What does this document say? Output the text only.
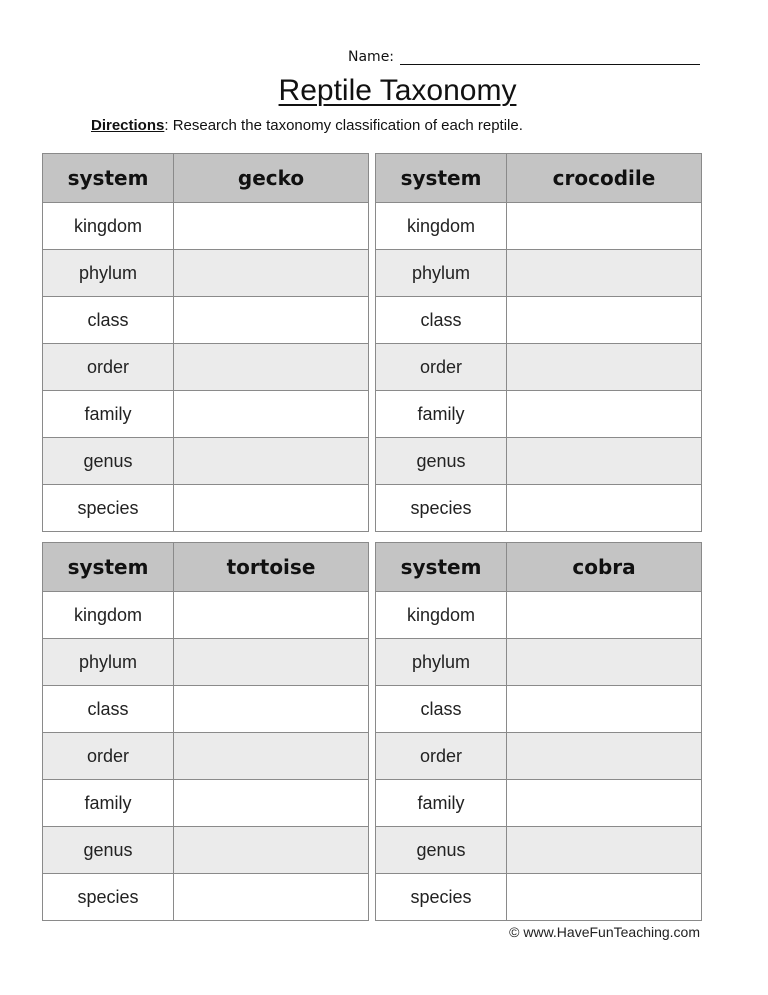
Name:
Reptile Taxonomy
Directions: Research the taxonomy classification of each reptile.
system	gecko
kingdom	
phylum	
class	
order	
family	
genus	
species	
system	crocodile
kingdom	
phylum	
class	
order	
family	
genus	
species	
system	tortoise
kingdom	
phylum	
class	
order	
family	
genus	
species	
system	cobra
kingdom	
phylum	
class	
order	
family	
genus	
species	
© www.HaveFunTeaching.com
